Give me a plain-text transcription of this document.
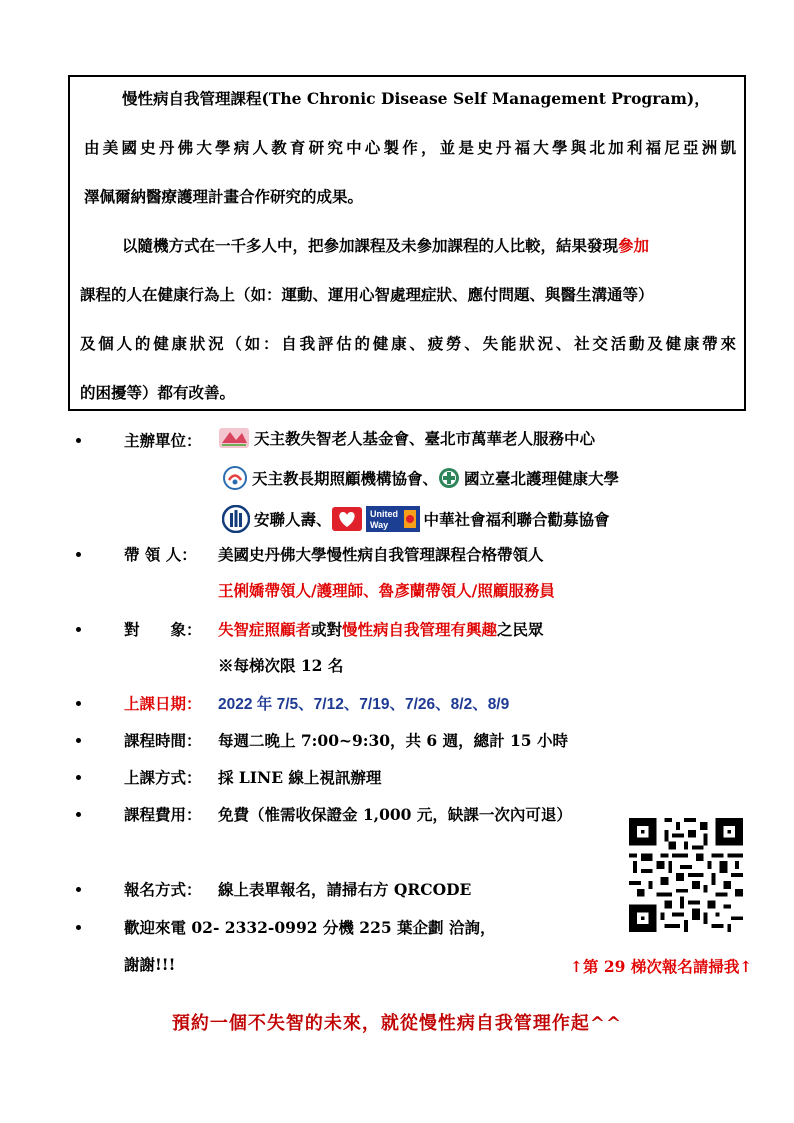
慢性病自我管理課程(The Chronic Disease Self Management Program)，
由美國史丹佛大學病人教育研究中心製作，並是史丹福大學與北加利福尼亞洲凱
澤佩爾納醫療護理計畫合作研究的成果。
以隨機方式在一千多人中，把參加課程及未參加課程的人比較，結果發現參加
課程的人在健康行為上（如：運動、運用心智處理症狀、應付問題、與醫生溝通等）
及個人的健康狀況（如：自我評估的健康、疲勞、失能狀況、社交活動及健康帶來
的困擾等）都有改善。
主辦單位：	天主教失智老人基金會、臺北市萬華老人服務中心
天主教長期照顧機構協會、 國立臺北護理健康大學
安聯人壽、	United
Way 中華社會福利聯合勸募協會
帶 領 人： 美國史丹佛大學慢性病自我管理課程合格帶領人
王俐嬌帶領人/護理師、魯彥蘭帶領人/照顧服務員
對　　象： 失智症照顧者或對慢性病自我管理有興趣之民眾
※每梯次限 12 名
上課日期： 2022 年 7/5、7/12、7/19、7/26、8/2、8/9
課程時間： 每週二晚上 7:00~9:30，共 6 週，總計 15 小時
上課方式： 採 LINE 線上視訊辦理
課程費用： 免費（惟需收保證金 1,000 元，缺課一次內可退）
報名方式： 線上表單報名，請掃右方 QRCODE
歡迎來電 02- 2332-0992 分機 225 葉企劃 洽詢，
謝謝!!!	↑第 29 梯次報名請掃我↑
預約一個不失智的未來，就從慢性病自我管理作起^^
